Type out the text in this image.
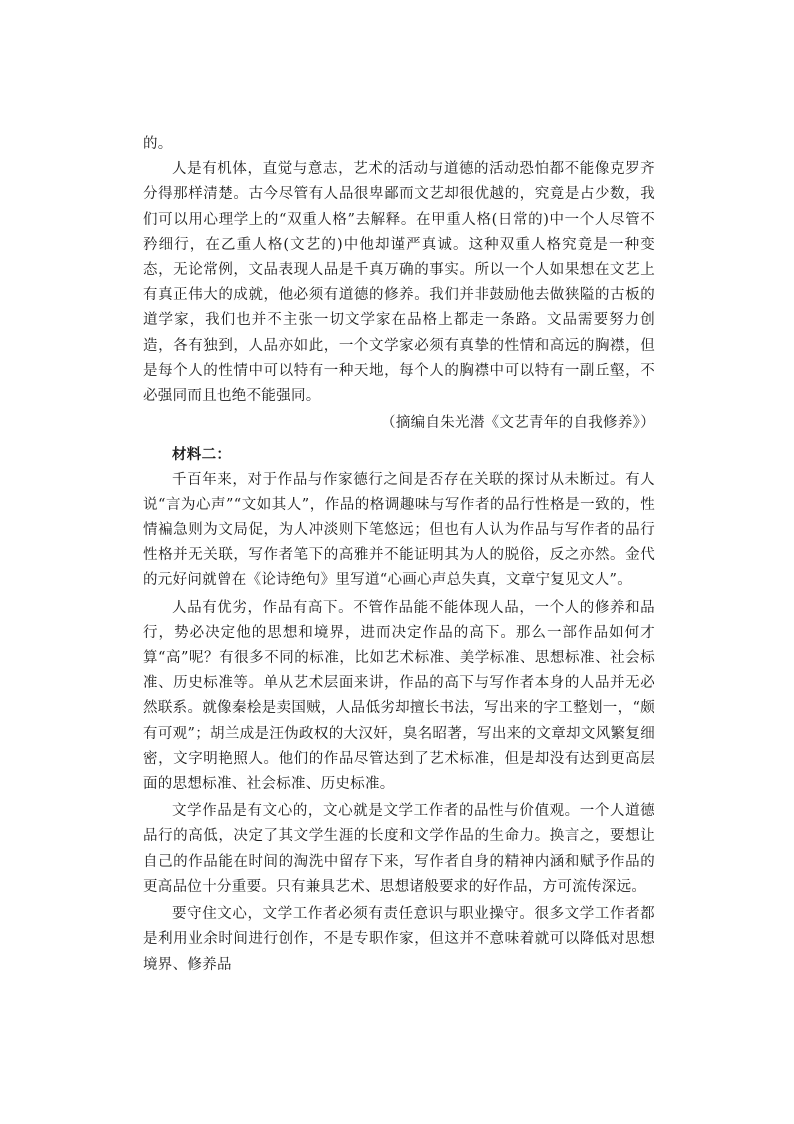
的。

人是有机体，直觉与意志，艺术的活动与道德的活动恐怕都不能像克罗齐分得那样清楚。古今尽管有人品很卑鄙而文艺却很优越的，究竟是占少数，我们可以用心理学上的“双重人格”去解释。在甲重人格(日常的)中一个人尽管不矜细行，在乙重人格(文艺的)中他却谨严真诚。这种双重人格究竟是一种变态，无论常例，文品表现人品是千真万确的事实。所以一个人如果想在文艺上有真正伟大的成就，他必须有道德的修养。我们并非鼓励他去做狭隘的古板的道学家，我们也并不主张一切文学家在品格上都走一条路。文品需要努力创造，各有独到，人品亦如此，一个文学家必须有真挚的性情和高远的胸襟，但是每个人的性情中可以特有一种天地，每个人的胸襟中可以特有一副丘壑，不必强同而且也绝不能强同。

（摘编自朱光潜《文艺青年的自我修养》）

材料二：

千百年来，对于作品与作家德行之间是否存在关联的探讨从未断过。有人说“言为心声”“文如其人”，作品的格调趣味与写作者的品行性格是一致的，性情褊急则为文局促，为人冲淡则下笔悠远；但也有人认为作品与写作者的品行性格并无关联，写作者笔下的高雅并不能证明其为人的脱俗，反之亦然。金代的元好问就曾在《论诗绝句》里写道“心画心声总失真，文章宁复见文人”。

人品有优劣，作品有高下。不管作品能不能体现人品，一个人的修养和品行，势必决定他的思想和境界，进而决定作品的高下。那么一部作品如何才算“高”呢？有很多不同的标准，比如艺术标准、美学标准、思想标准、社会标准、历史标准等。单从艺术层面来讲，作品的高下与写作者本身的人品并无必然联系。就像秦桧是卖国贼，人品低劣却擅长书法，写出来的字工整划一，“颇有可观”；胡兰成是汪伪政权的大汉奸，臭名昭著，写出来的文章却文风繁复细密，文字明艳照人。他们的作品尽管达到了艺术标准，但是却没有达到更高层面的思想标准、社会标准、历史标准。

文学作品是有文心的，文心就是文学工作者的品性与价值观。一个人道德品行的高低，决定了其文学生涯的长度和文学作品的生命力。换言之，要想让自己的作品能在时间的淘洗中留存下来，写作者自身的精神内涵和赋予作品的更高品位十分重要。只有兼具艺术、思想诸般要求的好作品，方可流传深远。

要守住文心，文学工作者必须有责任意识与职业操守。很多文学工作者都是利用业余时间进行创作，不是专职作家，但这并不意味着就可以降低对思想境界、修养品
